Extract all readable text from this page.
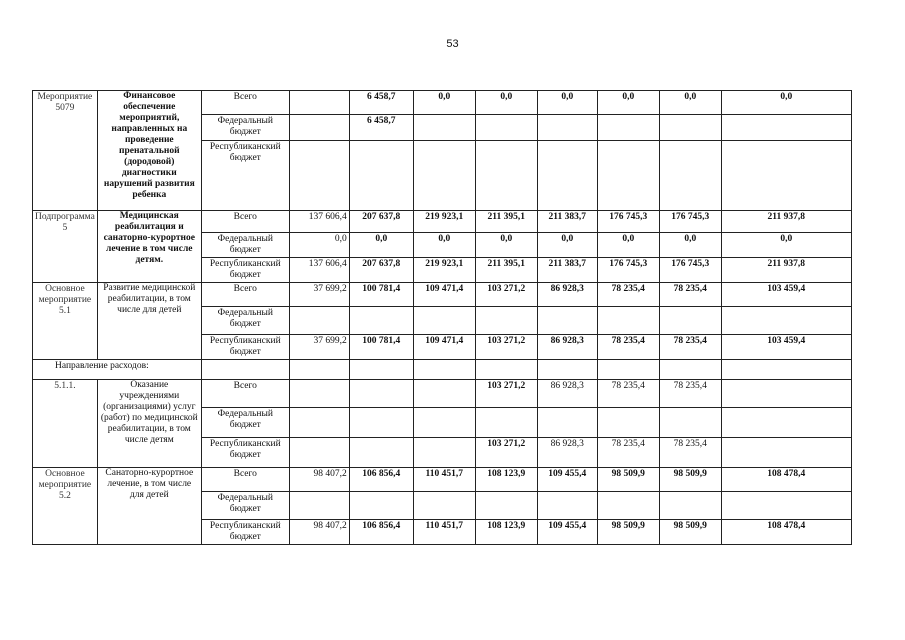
53
Мероприятие 5079	Финансовое обеспечение мероприятий, направленных на проведение пренатальной (дородовой) диагностики нарушений развития ребенка	Всего		6 458,7	0,0	0,0	0,0	0,0	0,0	0,0
		Федеральный бюджет		6 458,7						
		Республиканский бюджет								
Подпрограмма 5	Медицинская реабилитация и санаторно-курортное лечение в том числе детям.	Всего	137 606,4	207 637,8	219 923,1	211 395,1	211 383,7	176 745,3	176 745,3	211 937,8
		Федеральный бюджет	0,0	0,0	0,0	0,0	0,0	0,0	0,0	0,0
		Республиканский бюджет	137 606,4	207 637,8	219 923,1	211 395,1	211 383,7	176 745,3	176 745,3	211 937,8
Основное мероприятие 5.1	Развитие медицинской реабилитации, в том числе для детей	Всего	37 699,2	100 781,4	109 471,4	103 271,2	86 928,3	78 235,4	78 235,4	103 459,4
		Федеральный бюджет								
		Республиканский бюджет	37 699,2	100 781,4	109 471,4	103 271,2	86 928,3	78 235,4	78 235,4	103 459,4
Направление расходов:										
5.1.1.	Оказание учреждениями (организациями) услуг (работ) по медицинской реабилитации, в том числе детям	Всего				103 271,2	86 928,3	78 235,4	78 235,4	
		Федеральный бюджет								
		Республиканский бюджет				103 271,2	86 928,3	78 235,4	78 235,4	
Основное мероприятие 5.2	Санаторно-курортное лечение, в том числе для детей	Всего	98 407,2	106 856,4	110 451,7	108 123,9	109 455,4	98 509,9	98 509,9	108 478,4
		Федеральный бюджет								
		Республиканский бюджет	98 407,2	106 856,4	110 451,7	108 123,9	109 455,4	98 509,9	98 509,9	108 478,4
